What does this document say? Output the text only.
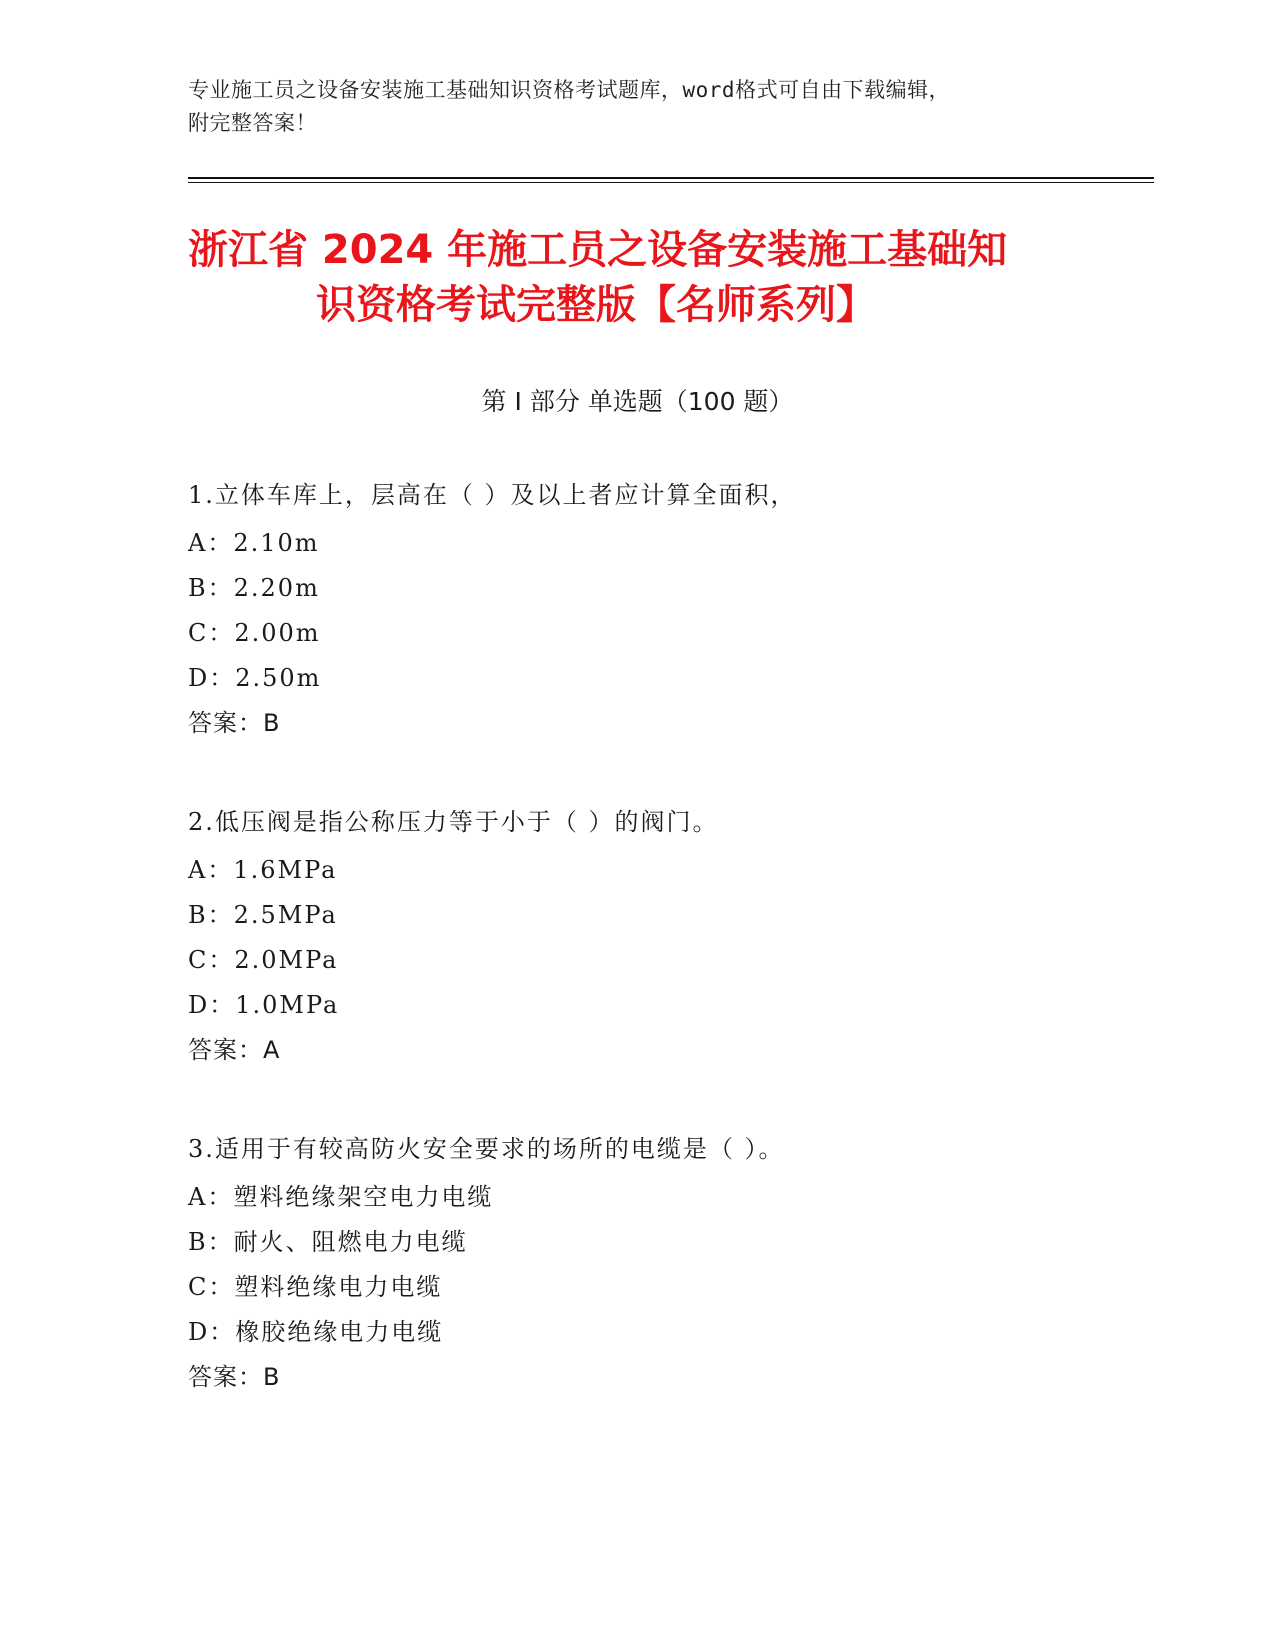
专业施工员之设备安装施工基础知识资格考试题库，word格式可自由下载编辑，
附完整答案！
浙江省 2024 年施工员之设备安装施工基础知
识资格考试完整版【名师系列】
第 I 部分 单选题（100 题）
1.立体车库上，层高在（ ）及以上者应计算全面积，
A：2.10m
B：2.20m
C：2.00m
D：2.50m
答案：B
2.低压阀是指公称压力等于小于（ ）的阀门。
A：1.6MPa
B：2.5MPa
C：2.0MPa
D：1.0MPa
答案：A
3.适用于有较高防火安全要求的场所的电缆是（ ）。
A：塑料绝缘架空电力电缆
B：耐火、阻燃电力电缆
C：塑料绝缘电力电缆
D：橡胶绝缘电力电缆
答案：B
